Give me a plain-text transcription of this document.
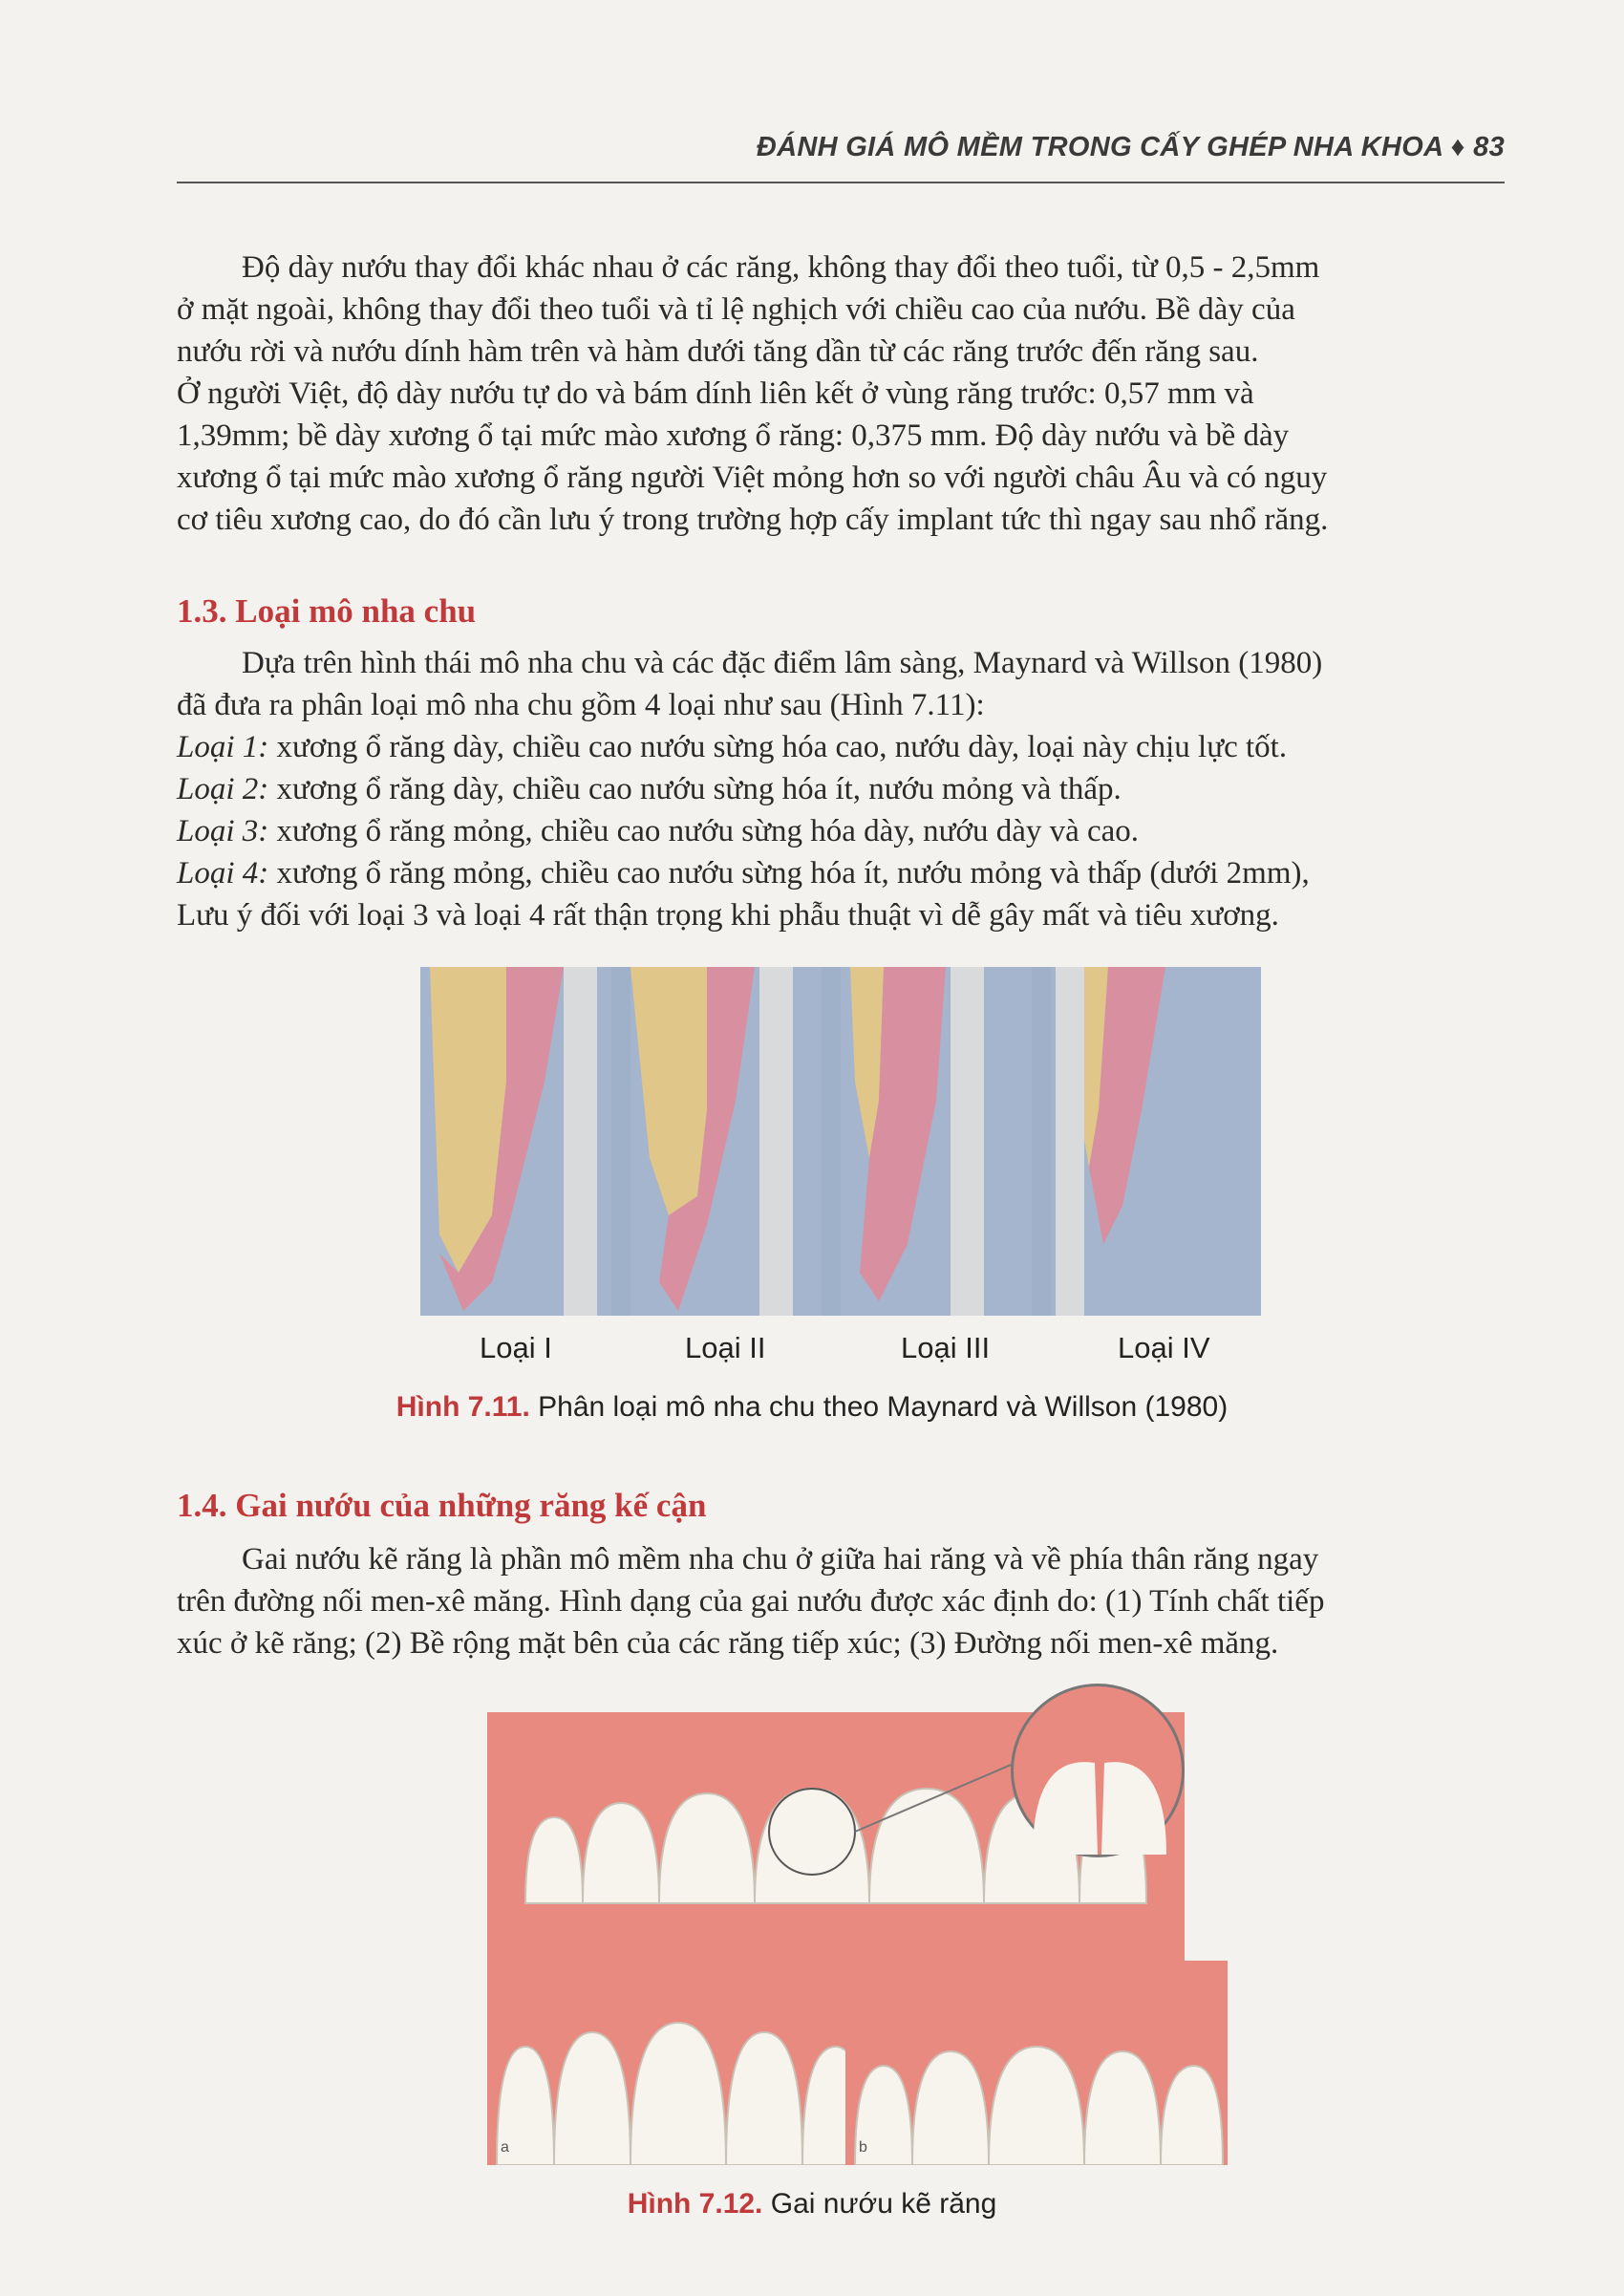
ĐÁNH GIÁ MÔ MỀM TRONG CẤY GHÉP NHA KHOA ♦ 83

Độ dày nướu thay đổi khác nhau ở các răng, không thay đổi theo tuổi, từ 0,5 - 2,5mm
ở mặt ngoài, không thay đổi theo tuổi và tỉ lệ nghịch với chiều cao của nướu. Bề dày của
nướu rời và nướu dính hàm trên và hàm dưới tăng dần từ các răng trước đến răng sau.
Ở người Việt, độ dày nướu tự do và bám dính liên kết ở vùng răng trước: 0,57 mm và
1,39mm; bề dày xương ổ tại mức mào xương ổ răng: 0,375 mm. Độ dày nướu và bề dày
xương ổ tại mức mào xương ổ răng người Việt mỏng hơn so với người châu Âu và có nguy
cơ tiêu xương cao, do đó cần lưu ý trong trường hợp cấy implant tức thì ngay sau nhổ răng.

1.3. Loại mô nha chu

Dựa trên hình thái mô nha chu và các đặc điểm lâm sàng, Maynard và Willson (1980)
đã đưa ra phân loại mô nha chu gồm 4 loại như sau (Hình 7.11):
Loại 1: xương ổ răng dày, chiều cao nướu sừng hóa cao, nướu dày, loại này chịu lực tốt.
Loại 2: xương ổ răng dày, chiều cao nướu sừng hóa ít, nướu mỏng và thấp.
Loại 3: xương ổ răng mỏng, chiều cao nướu sừng hóa dày, nướu dày và cao.
Loại 4: xương ổ răng mỏng, chiều cao nướu sừng hóa ít, nướu mỏng và thấp (dưới 2mm),
Lưu ý đối với loại 3 và loại 4 rất thận trọng khi phẫu thuật vì dễ gây mất và tiêu xương.

Loại I	Loại II	Loại III	Loại IV
Hình 7.11. Phân loại mô nha chu theo Maynard và Willson (1980)
1.4. Gai nướu của những răng kế cận

Gai nướu kẽ răng là phần mô mềm nha chu ở giữa hai răng và về phía thân răng ngay
trên đường nối men-xê măng. Hình dạng của gai nướu được xác định do: (1) Tính chất tiếp
xúc ở kẽ răng; (2) Bề rộng mặt bên của các răng tiếp xúc; (3) Đường nối men-xê măng.

a	b
Hình 7.12. Gai nướu kẽ răng
